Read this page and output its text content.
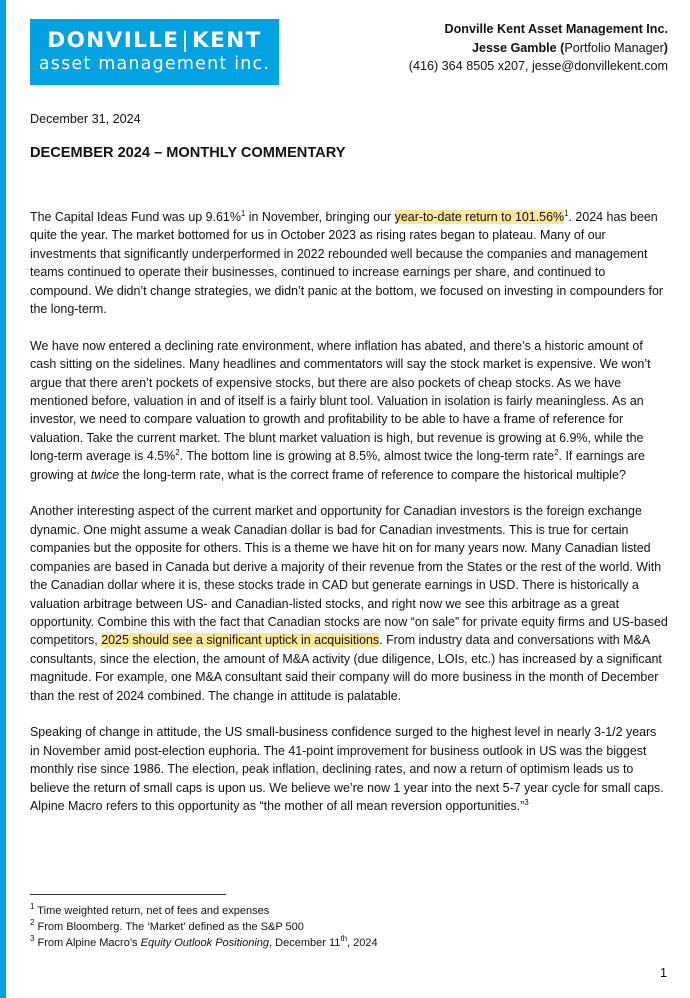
DONVILLE|KENT
asset management inc.
Donville Kent Asset Management Inc.
Jesse Gamble (Portfolio Manager)
(416) 364 8505 x207, jesse@donvillekent.com
December 31, 2024
DECEMBER 2024 – MONTHLY COMMENTARY

The Capital Ideas Fund was up 9.61%$^1$ in November, bringing our year-to-date return to 101.56%$^1$. 2024 has been quite the year. The market bottomed for us in October 2023 as rising rates began to plateau. Many of our investments that significantly underperformed in 2022 rebounded well because the companies and management teams continued to operate their businesses, continued to increase earnings per share, and continued to compound. We didn’t change strategies, we didn’t panic at the bottom, we focused on investing in compounders for the long-term.

We have now entered a declining rate environment, where inflation has abated, and there’s a historic amount of cash sitting on the sidelines. Many headlines and commentators will say the stock market is expensive. We won’t argue that there aren’t pockets of expensive stocks, but there are also pockets of cheap stocks. As we have mentioned before, valuation in and of itself is a fairly blunt tool. Valuation in isolation is fairly meaningless. As an investor, we need to compare valuation to growth and profitability to be able to have a frame of reference for valuation. Take the current market. The blunt market valuation is high, but revenue is growing at 6.9%, while the long-term average is 4.5%$^2$. The bottom line is growing at 8.5%, almost twice the long-term rate$^2$. If earnings are growing at twice the long-term rate, what is the correct frame of reference to compare the historical multiple?

Another interesting aspect of the current market and opportunity for Canadian investors is the foreign exchange dynamic. One might assume a weak Canadian dollar is bad for Canadian investments. This is true for certain companies but the opposite for others. This is a theme we have hit on for many years now. Many Canadian listed companies are based in Canada but derive a majority of their revenue from the States or the rest of the world. With the Canadian dollar where it is, these stocks trade in CAD but generate earnings in USD. There is historically a valuation arbitrage between US- and Canadian-listed stocks, and right now we see this arbitrage as a great opportunity. Combine this with the fact that Canadian stocks are now “on sale” for private equity firms and US-based competitors, 2025 should see a significant uptick in acquisitions. From industry data and conversations with M&A consultants, since the election, the amount of M&A activity (due diligence, LOIs, etc.) has increased by a significant magnitude. For example, one M&A consultant said their company will do more business in the month of December than the rest of 2024 combined. The change in attitude is palatable.

Speaking of change in attitude, the US small-business confidence surged to the highest level in nearly 3-1/2 years in November amid post-election euphoria. The 41-point improvement for business outlook in US was the biggest monthly rise since 1986. The election, peak inflation, declining rates, and now a return of optimism leads us to believe the return of small caps is upon us. We believe we’re now 1 year into the next 5-7 year cycle for small caps. Alpine Macro refers to this opportunity as “the mother of all mean reversion opportunities.”$^3$

$^1$ Time weighted return, net of fees and expenses
$^2$ From Bloomberg. The ‘Market’ defined as the S&P 500
$^3$ From Alpine Macro’s Equity Outlook Positioning, December 11th, 2024
1
